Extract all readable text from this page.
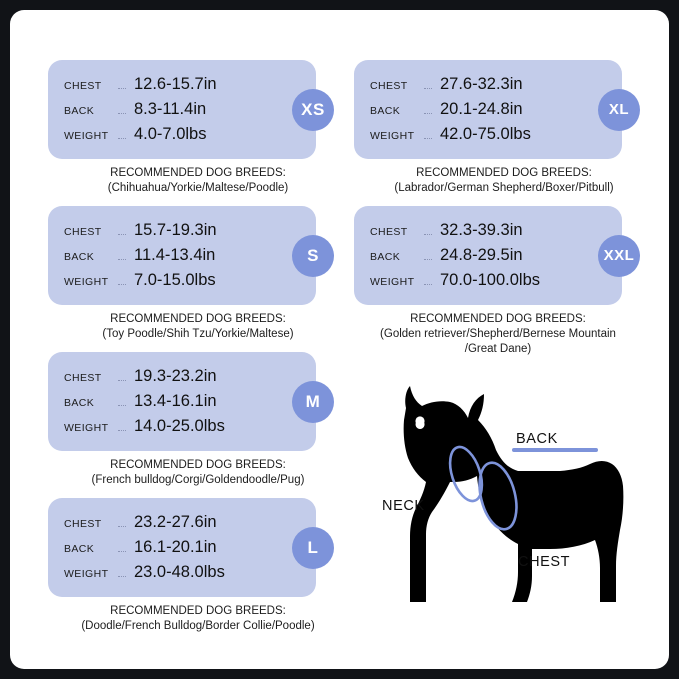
CHEST	12.6-15.7in
BACK	8.3-11.4in
WEIGHT	4.0-7.0lbs
XS
RECOMMENDED DOG BREEDS:
(Chihuahua/Yorkie/Maltese/Poodle)
CHEST	15.7-19.3in
BACK	11.4-13.4in
WEIGHT	7.0-15.0lbs
S
RECOMMENDED DOG BREEDS:
(Toy Poodle/Shih Tzu/Yorkie/Maltese)
CHEST	19.3-23.2in
BACK	13.4-16.1in
WEIGHT	14.0-25.0lbs
M
RECOMMENDED DOG BREEDS:
(French bulldog/Corgi/Goldendoodle/Pug)
CHEST	23.2-27.6in
BACK	16.1-20.1in
WEIGHT	23.0-48.0lbs
L
RECOMMENDED DOG BREEDS:
(Doodle/French Bulldog/Border Collie/Poodle)
CHEST	27.6-32.3in
BACK	20.1-24.8in
WEIGHT	42.0-75.0lbs
XL
RECOMMENDED DOG BREEDS:
(Labrador/German Shepherd/Boxer/Pitbull)
CHEST	32.3-39.3in
BACK	24.8-29.5in
WEIGHT	70.0-100.0lbs
XXL
RECOMMENDED DOG BREEDS:
(Golden retriever/Shepherd/Bernese Mountain
/Great Dane)
BACK
NECK
CHEST
